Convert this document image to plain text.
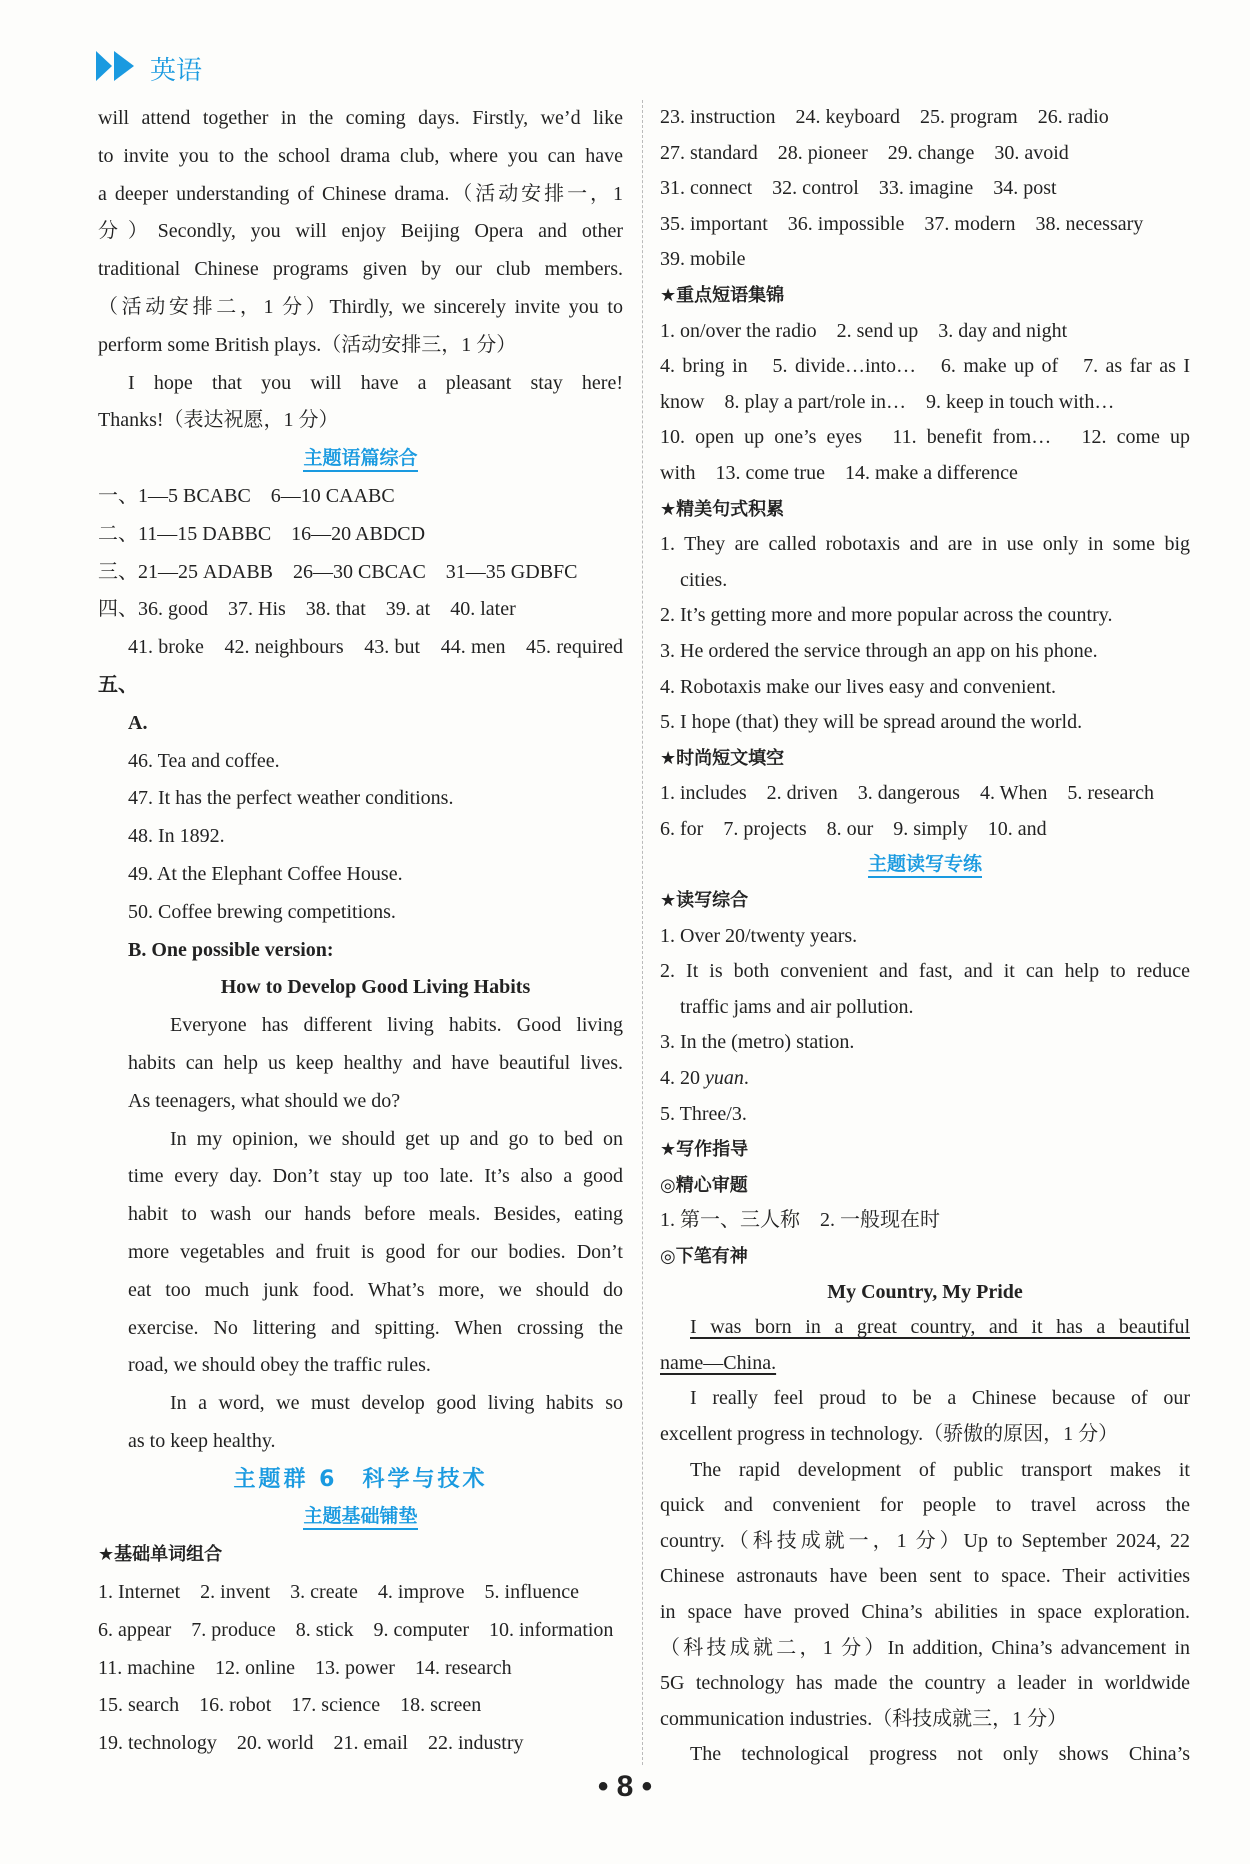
英语
will attend together in the coming days. Firstly, we’d like
to invite you to the school drama club, where you can have
a deeper understanding of Chinese drama.（活动安排一，1
分）Secondly, you will enjoy Beijing Opera and other
traditional Chinese programs given by our club members.
（活动安排二，1 分）Thirdly, we sincerely invite you to
perform some British plays.（活动安排三，1 分）
I hope that you will have a pleasant stay here!
Thanks!（表达祝愿，1 分）
主题语篇综合
一、1—5 BCABC　6—10 CAABC
二、11—15 DABBC　16—20 ABDCD
三、21—25 ADABB　26—30 CBCAC　31—35 GDBFC
四、36. good　37. His　38. that　39. at　40. later
41. broke　42. neighbours　43. but　44. men　45. required
五、
A.
46. Tea and coffee.
47. It has the perfect weather conditions.
48. In 1892.
49. At the Elephant Coffee House.
50. Coffee brewing competitions.
B. One possible version:
How to Develop Good Living Habits
Everyone has different living habits. Good living
habits can help us keep healthy and have beautiful lives.
As teenagers, what should we do?
In my opinion, we should get up and go to bed on
time every day. Don’t stay up too late. It’s also a good
habit to wash our hands before meals. Besides, eating
more vegetables and fruit is good for our bodies. Don’t
eat too much junk food. What’s more, we should do
exercise. No littering and spitting. When crossing the
road, we should obey the traffic rules.
In a word, we must develop good living habits so
as to keep healthy.
主题群 6　科学与技术
主题基础铺垫
★基础单词组合
1. Internet　2. invent　3. create　4. improve　5. influence
6. appear　7. produce　8. stick　9. computer　10. information
11. machine　12. online　13. power　14. research
15. search　16. robot　17. science　18. screen
19. technology　20. world　21. email　22. industry
23. instruction　24. keyboard　25. program　26. radio
27. standard　28. pioneer　29. change　30. avoid
31. connect　32. control　33. imagine　34. post
35. important　36. impossible　37. modern　38. necessary
39. mobile
★重点短语集锦
1. on/over the radio　2. send up　3. day and night
4. bring in　5. divide…into…　6. make up of　7. as far as I
know　8. play a part/role in…　9. keep in touch with…
10. open up one’s eyes　11. benefit from…　12. come up
with　13. come true　14. make a difference
★精美句式积累
1. They are called robotaxis and are in use only in some big
cities.
2. It’s getting more and more popular across the country.
3. He ordered the service through an app on his phone.
4. Robotaxis make our lives easy and convenient.
5. I hope (that) they will be spread around the world.
★时尚短文填空
1. includes　2. driven　3. dangerous　4. When　5. research
6. for　7. projects　8. our　9. simply　10. and
主题读写专练
★读写综合
1. Over 20/twenty years.
2. It is both convenient and fast, and it can help to reduce
traffic jams and air pollution.
3. In the (metro) station.
4. 20 yuan.
5. Three/3.
★写作指导
◎精心审题
1. 第一、三人称　2. 一般现在时
◎下笔有神
My Country, My Pride
I was born in a great country, and it has a beautiful
name—China.
I really feel proud to be a Chinese because of our
excellent progress in technology.（骄傲的原因，1 分）
The rapid development of public transport makes it
quick and convenient for people to travel across the
country.（科技成就一，1 分）Up to September 2024, 22
Chinese astronauts have been sent to space. Their activities
in space have proved China’s abilities in space exploration.
（科技成就二，1 分）In addition, China’s advancement in
5G technology has made the country a leader in worldwide
communication industries.（科技成就三，1 分）
The technological progress not only shows China’s
• 8 •
